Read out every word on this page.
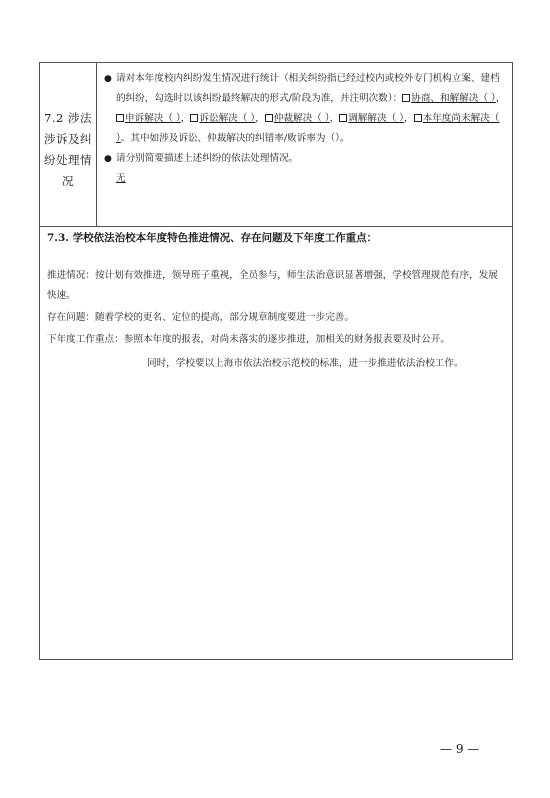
7.2 涉法
涉诉及纠
纷处理情
况
● 请对本年度校内纠纷发生情况进行统计（相关纠纷指已经过校内或校外专门机构立案、建档的纠纷，勾选时以该纠纷最终解决的形式/阶段为准，并注明次数）： 协商、和解解决（ ），申诉解决（ ）， 诉讼解决（ ）， 仲裁解决（ ）， 调解解决（ ）， 本年度尚未解决（ ）。其中如涉及诉讼、仲裁解决的纠错率/败诉率为（）。
● 请分别简要描述上述纠纷的依法处理情况。
无
7.3. 学校依法治校本年度特色推进情况、存在问题及下年度工作重点：

推进情况：按计划有效推进，领导班子重视，全员参与，师生法治意识显著增强，学校管理规范有序，发展快速。

存在问题：随着学校的更名、定位的提高，部分规章制度要进一步完善。

下年度工作重点：参照本年度的报表，对尚未落实的逐步推进，加相关的财务报表要及时公开。

同时，学校要以上海市依法治校示范校的标准，进一步推进依法治校工作。

— 9 —
